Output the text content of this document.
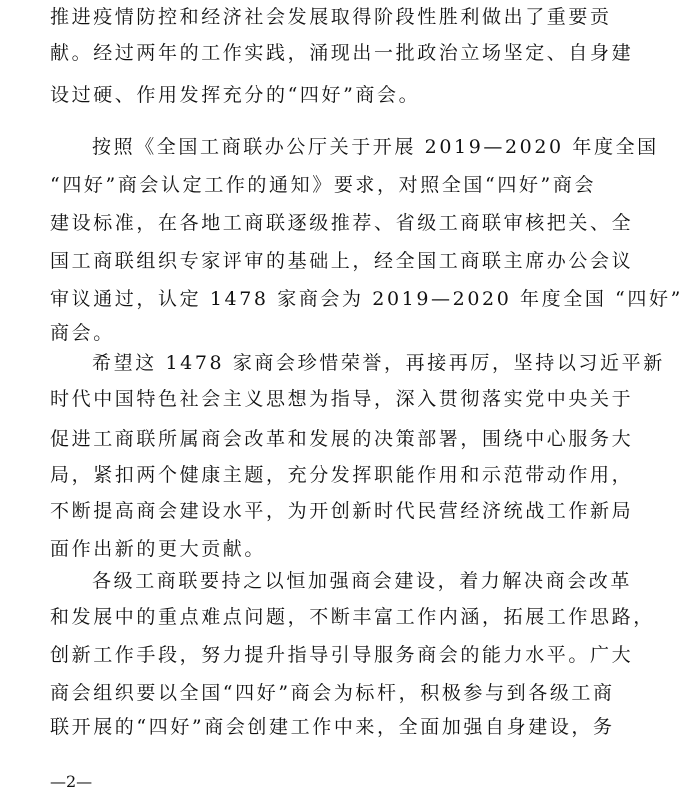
推进疫情防控和经济社会发展取得阶段性胜利做出了重要贡
献。经过两年的工作实践，涌现出一批政治立场坚定、自身建
设过硬、作用发挥充分的“四好”商会。
按照《全国工商联办公厅关于开展 2019—2020 年度全国
“四好”商会认定工作的通知》要求，对照全国“四好”商会
建设标准，在各地工商联逐级推荐、省级工商联审核把关、全
国工商联组织专家评审的基础上，经全国工商联主席办公会议
审议通过，认定 1478 家商会为 2019—2020 年度全国 “四好”
商会。
希望这 1478 家商会珍惜荣誉，再接再厉，坚持以习近平新
时代中国特色社会主义思想为指导，深入贯彻落实党中央关于
促进工商联所属商会改革和发展的决策部署，围绕中心服务大
局，紧扣两个健康主题，充分发挥职能作用和示范带动作用，
不断提高商会建设水平，为开创新时代民营经济统战工作新局
面作出新的更大贡献。
各级工商联要持之以恒加强商会建设，着力解决商会改革
和发展中的重点难点问题，不断丰富工作内涵，拓展工作思路，
创新工作手段，努力提升指导引导服务商会的能力水平。广大
商会组织要以全国“四好”商会为标杆，积极参与到各级工商
联开展的“四好”商会创建工作中来，全面加强自身建设，务
—2—
